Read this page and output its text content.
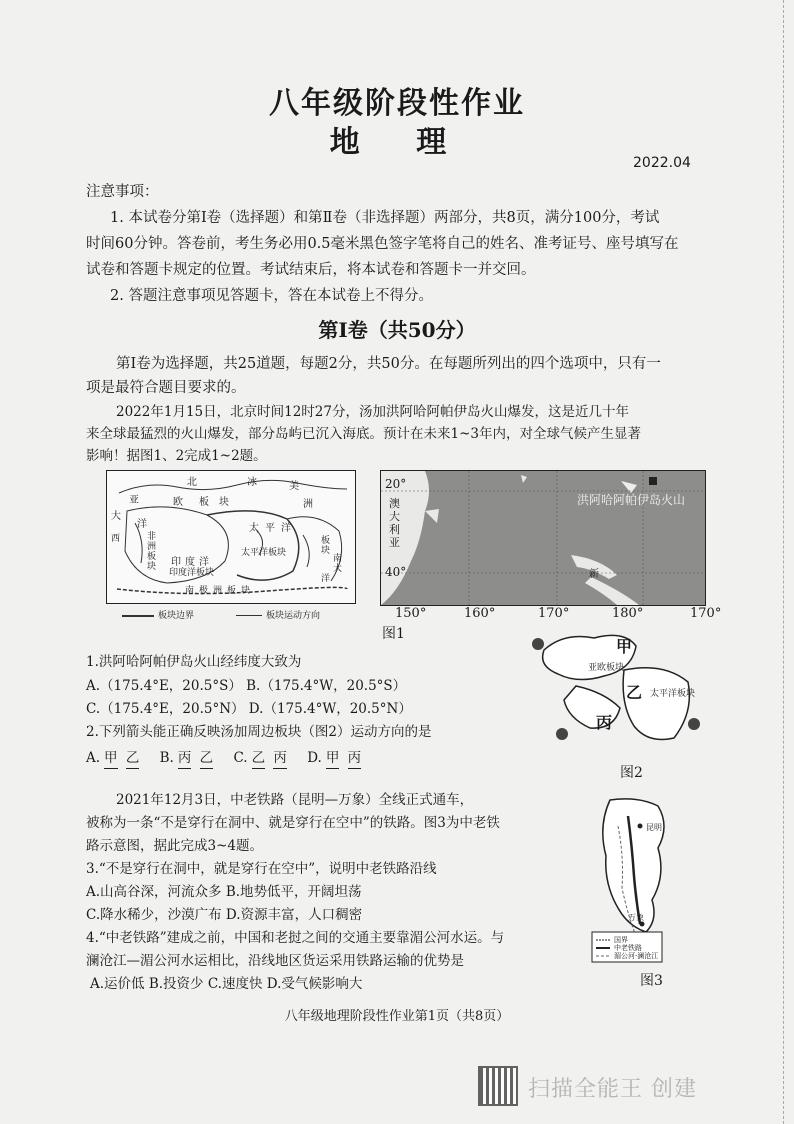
八年级阶段性作业
地 理
2022.04
注意事项：
1. 本试卷分第Ⅰ卷（选择题）和第Ⅱ卷（非选择题）两部分，共8页，满分100分，考试
时间60分钟。答卷前，考生务必用0.5毫米黑色签字笔将自己的姓名、准考证号、座号填写在
试卷和答题卡规定的位置。考试结束后，将本试卷和答题卡一并交回。
2. 答题注意事项见答题卡，答在本试卷上不得分。
第Ⅰ卷（共50分）
第Ⅰ卷为选择题，共25道题，每题2分，共50分。在每题所列出的四个选项中，只有一
项是最符合题目要求的。
2022年1月15日，北京时间12时27分，汤加洪阿哈阿帕伊岛火山爆发，这是近几十年
来全球最猛烈的火山爆发，部分岛屿已沉入海底。预计在未来1~3年内，对全球气候产生显著
影响！据图1、2完成1~2题。
北	冰	美
亚	欧 板 块	洲
大
洋
非
洲
板
块
太 平 洋
印 度 洋
印度洋板块
太平洋板块
南 极 洲 板 块
西
南
大
板
块
洋
板块边界	板块运动方向
20°
40°
澳大利亚
洪阿哈阿帕伊岛火山
新
150°	160°	170°	180°	170°
图1
1.洪阿哈阿帕伊岛火山经纬度大致为
A.（175.4°E，20.5°S） B.（175.4°W，20.5°S）
C.（175.4°E，20.5°N） D.（175.4°W，20.5°N）
2.下列箭头能正确反映汤加周边板块（图2）运动方向的是
A. 甲 乙 B. 丙 乙 C. 乙 丙 D. 甲 丙
甲
乙
丙
亚欧板块
太平洋板块
图2
2021年12月3日，中老铁路（昆明—万象）全线正式通车，
被称为一条“不是穿行在洞中、就是穿行在空中”的铁路。图3为中老铁
路示意图，据此完成3~4题。
3.“不是穿行在洞中，就是穿行在空中”，说明中老铁路沿线
A.山高谷深，河流众多 B.地势低平，开阔坦荡
C.降水稀少，沙漠广布 D.资源丰富，人口稠密
4.“中老铁路”建成之前，中国和老挝之间的交通主要靠湄公河水运。与
澜沧江—湄公河水运相比，沿线地区货运采用铁路运输的优势是
A.运价低 B.投资少 C.速度快 D.受气候影响大
昆明
万象
国界
中老铁路
湄公河·澜沧江
图3
八年级地理阶段性作业第1页（共8页）
扫描全能王 创建
